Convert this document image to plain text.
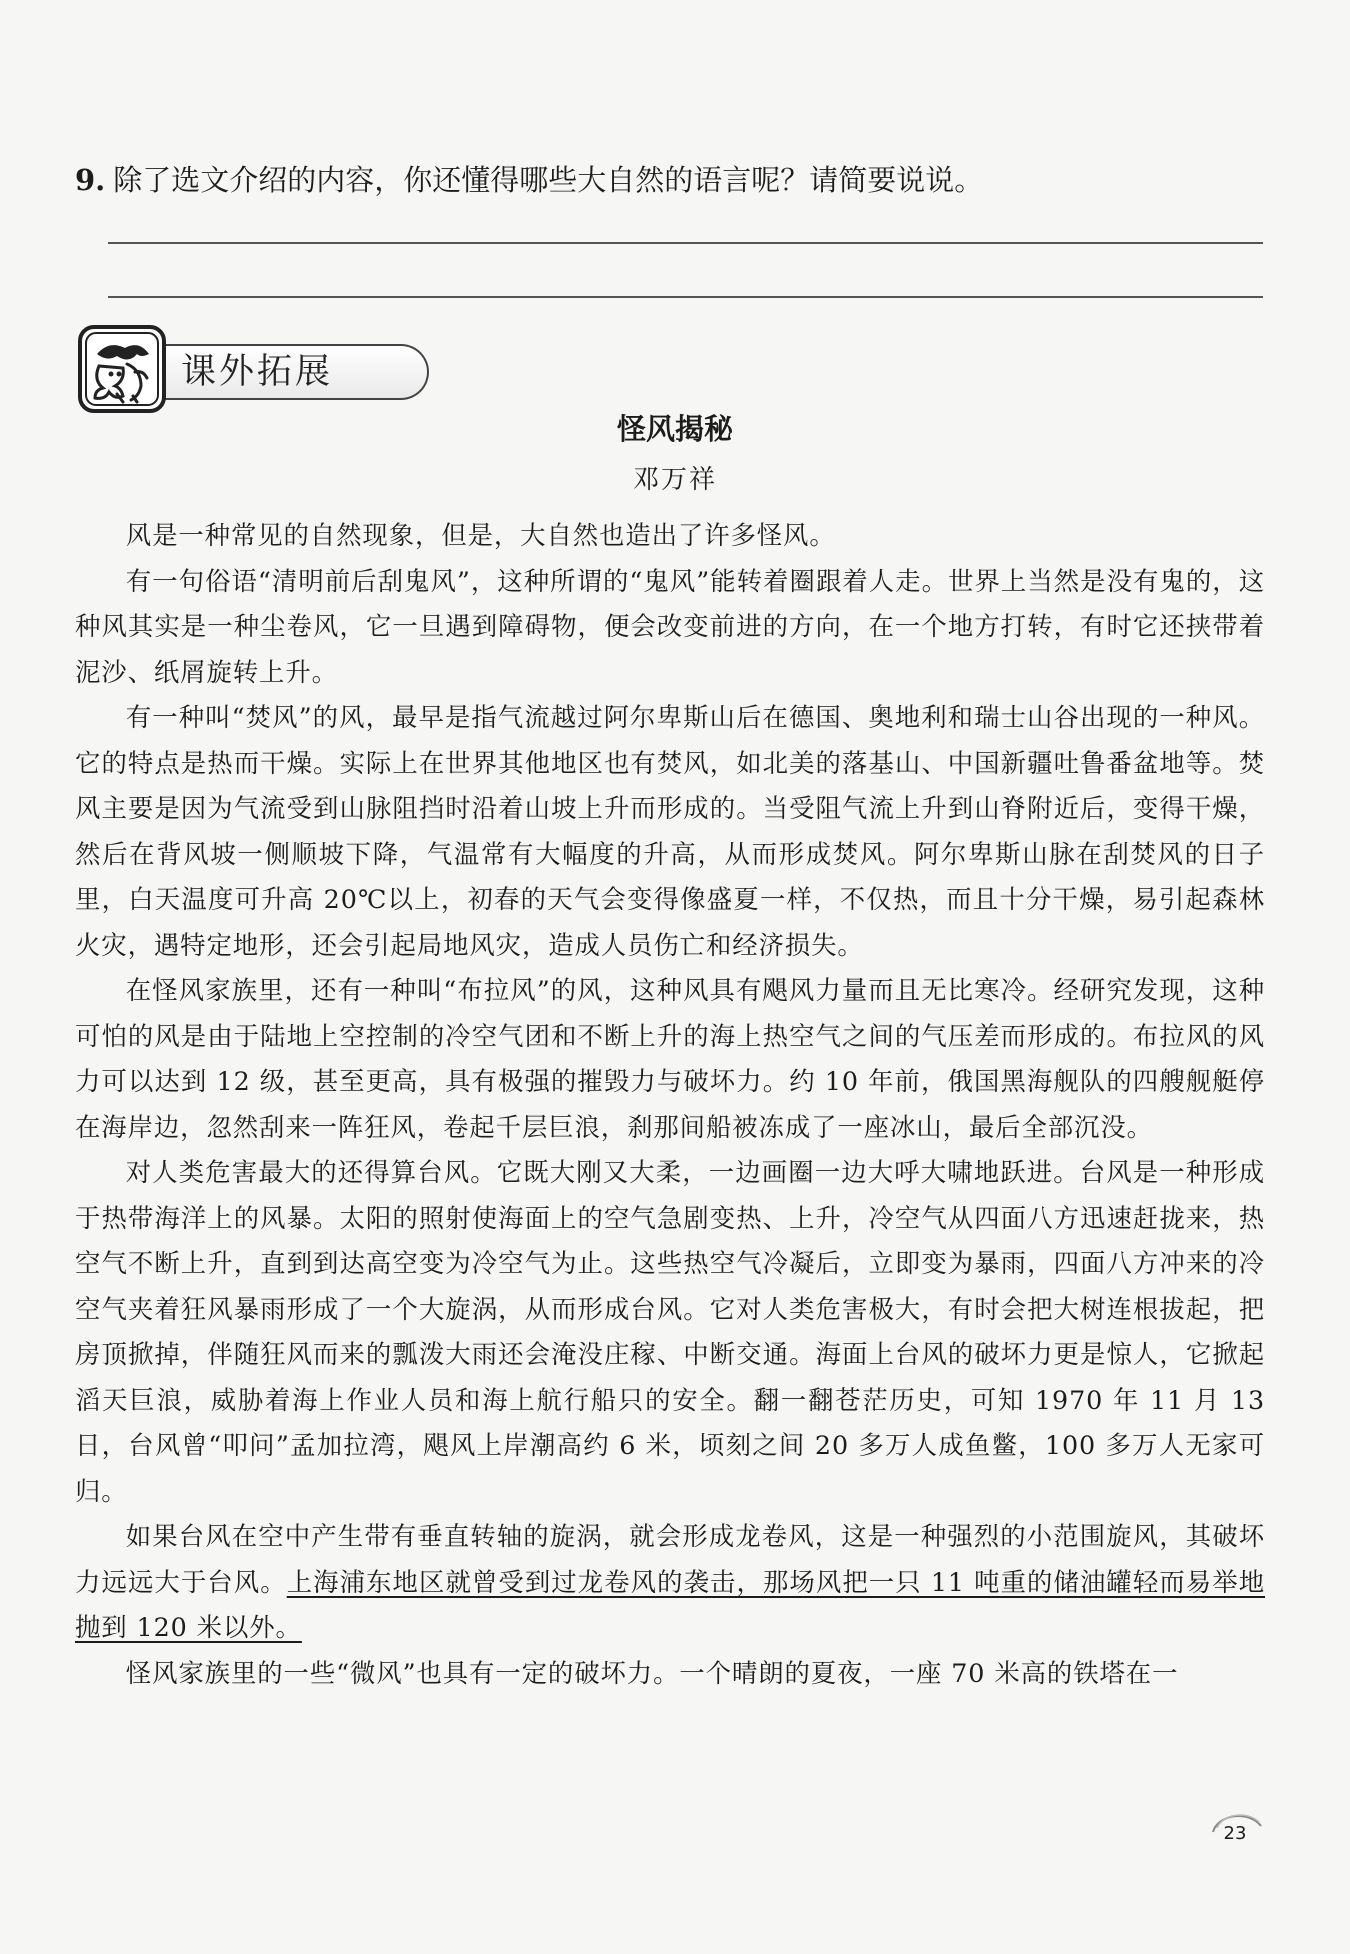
9. 除了选文介绍的内容，你还懂得哪些大自然的语言呢？请简要说说。
课外拓展
怪风揭秘
邓万祥

风是一种常见的自然现象，但是，大自然也造出了许多怪风。

有一句俗语“清明前后刮鬼风”，这种所谓的“鬼风”能转着圈跟着人走。世界上当然是没有鬼的，这种风其实是一种尘卷风，它一旦遇到障碍物，便会改变前进的方向，在一个地方打转，有时它还挟带着泥沙、纸屑旋转上升。

有一种叫“焚风”的风，最早是指气流越过阿尔卑斯山后在德国、奥地利和瑞士山谷出现的一种风。它的特点是热而干燥。实际上在世界其他地区也有焚风，如北美的落基山、中国新疆吐鲁番盆地等。焚风主要是因为气流受到山脉阻挡时沿着山坡上升而形成的。当受阻气流上升到山脊附近后，变得干燥，然后在背风坡一侧顺坡下降，气温常有大幅度的升高，从而形成焚风。阿尔卑斯山脉在刮焚风的日子里，白天温度可升高 20℃以上，初春的天气会变得像盛夏一样，不仅热，而且十分干燥，易引起森林火灾，遇特定地形，还会引起局地风灾，造成人员伤亡和经济损失。

在怪风家族里，还有一种叫“布拉风”的风，这种风具有飓风力量而且无比寒冷。经研究发现，这种可怕的风是由于陆地上空控制的冷空气团和不断上升的海上热空气之间的气压差而形成的。布拉风的风力可以达到 12 级，甚至更高，具有极强的摧毁力与破坏力。约 10 年前，俄国黑海舰队的四艘舰艇停在海岸边，忽然刮来一阵狂风，卷起千层巨浪，刹那间船被冻成了一座冰山，最后全部沉没。

对人类危害最大的还得算台风。它既大刚又大柔，一边画圈一边大呼大啸地跃进。台风是一种形成于热带海洋上的风暴。太阳的照射使海面上的空气急剧变热、上升，冷空气从四面八方迅速赶拢来，热空气不断上升，直到到达高空变为冷空气为止。这些热空气冷凝后，立即变为暴雨，四面八方冲来的冷空气夹着狂风暴雨形成了一个大旋涡，从而形成台风。它对人类危害极大，有时会把大树连根拔起，把房顶掀掉，伴随狂风而来的瓢泼大雨还会淹没庄稼、中断交通。海面上台风的破坏力更是惊人，它掀起滔天巨浪，威胁着海上作业人员和海上航行船只的安全。翻一翻苍茫历史，可知 1970 年 11 月 13 日，台风曾“叩问”孟加拉湾，飓风上岸潮高约 6 米，顷刻之间 20 多万人成鱼鳖，100 多万人无家可归。

如果台风在空中产生带有垂直转轴的旋涡，就会形成龙卷风，这是一种强烈的小范围旋风，其破坏力远远大于台风。上海浦东地区就曾受到过龙卷风的袭击，那场风把一只 11 吨重的储油罐轻而易举地抛到 120 米以外。

怪风家族里的一些“微风”也具有一定的破坏力。一个晴朗的夏夜，一座 70 米高的铁塔在一

23
